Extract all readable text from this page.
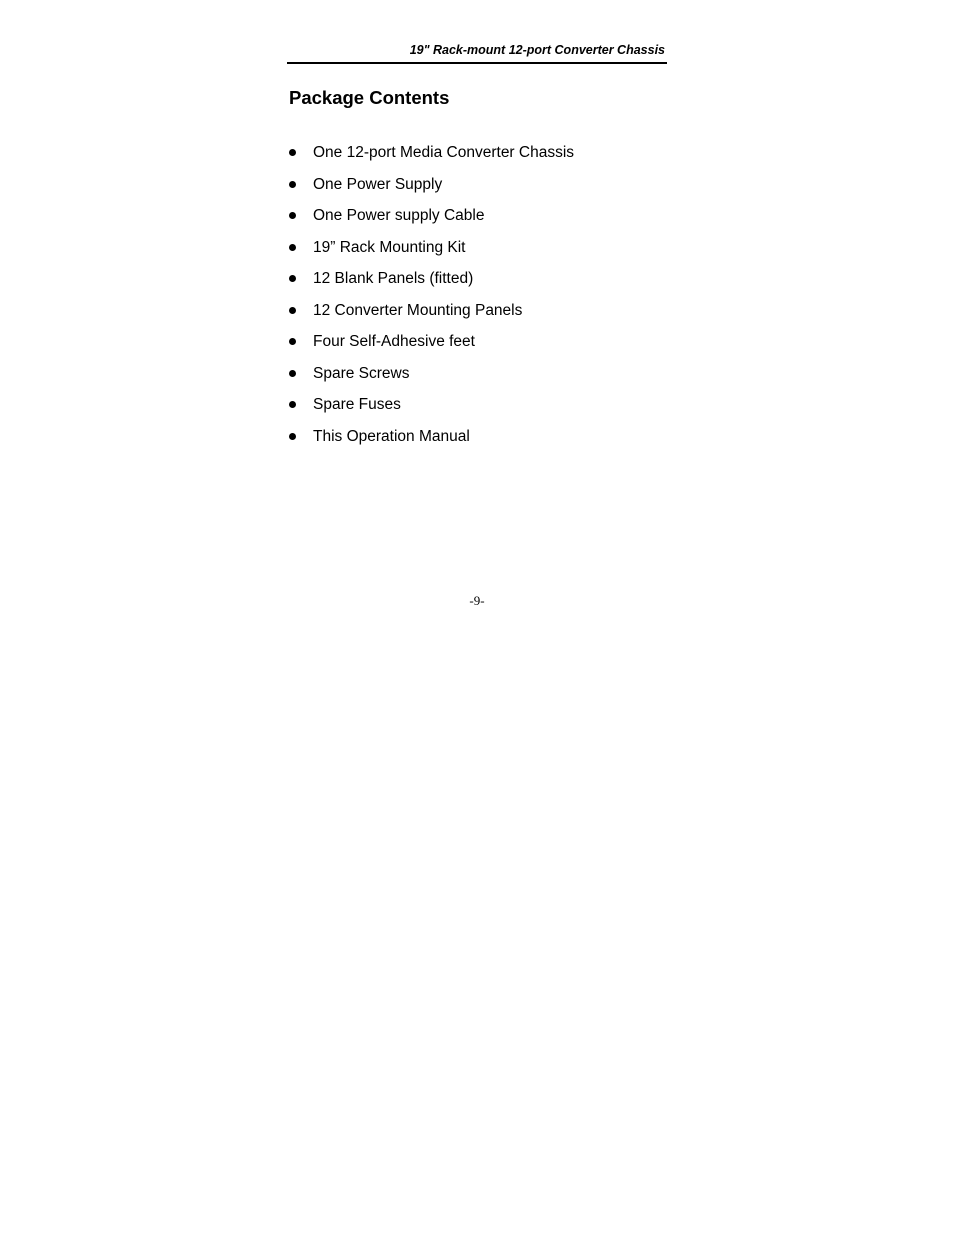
19" Rack-mount 12-port Converter Chassis
Package Contents
One 12-port Media Converter Chassis
One Power Supply
One Power supply Cable
19” Rack Mounting Kit
12 Blank Panels (fitted)
12 Converter Mounting Panels
Four Self-Adhesive feet
Spare Screws
Spare Fuses
This Operation Manual
-9-
